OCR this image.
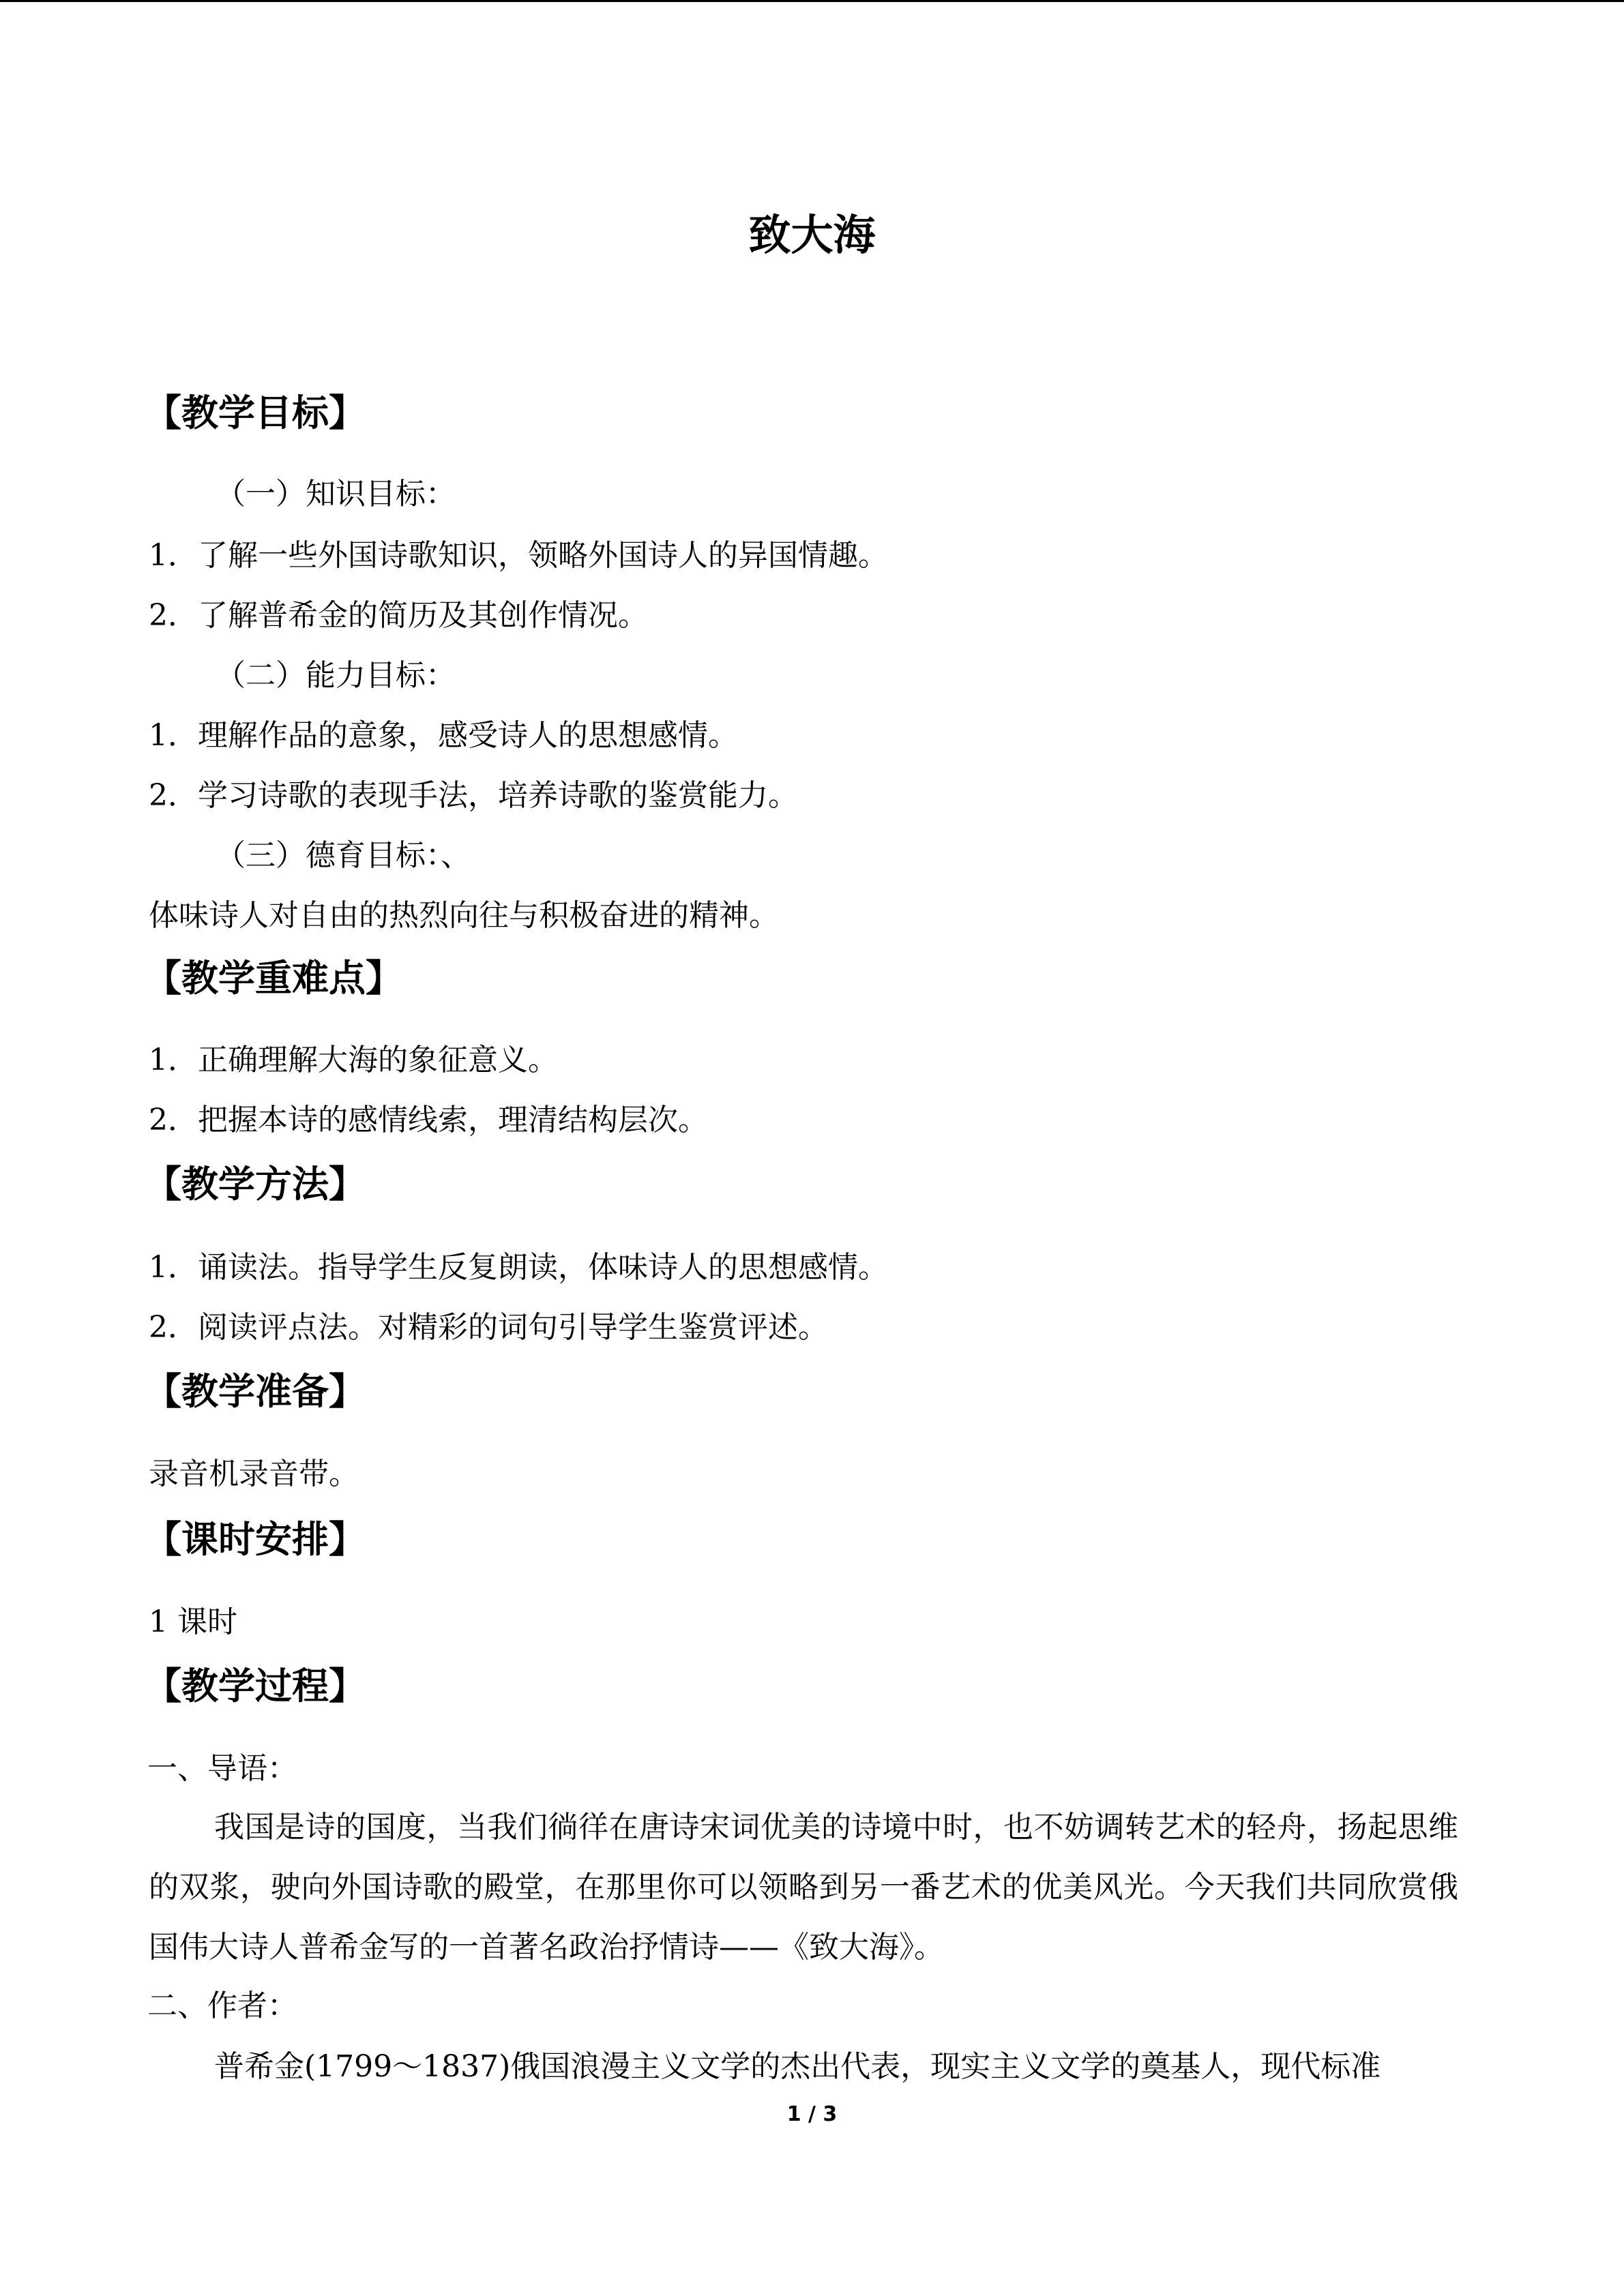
致大海
【教学目标】
（一）知识目标：
1．了解一些外国诗歌知识，领略外国诗人的异国情趣。
2．了解普希金的简历及其创作情况。
（二）能力目标：
1．理解作品的意象，感受诗人的思想感情。
2．学习诗歌的表现手法，培养诗歌的鉴赏能力。
（三）德育目标：、
体味诗人对自由的热烈向往与积极奋进的精神。
【教学重难点】
1．正确理解大海的象征意义。
2．把握本诗的感情线索，理清结构层次。
【教学方法】
1．诵读法。指导学生反复朗读，体味诗人的思想感情。
2．阅读评点法。对精彩的词句引导学生鉴赏评述。
【教学准备】
录音机录音带。
【课时安排】
1 课时
【教学过程】
一、导语：
我国是诗的国度，当我们徜徉在唐诗宋词优美的诗境中时，也不妨调转艺术的轻舟，扬起思维的双浆，驶向外国诗歌的殿堂，在那里你可以领略到另一番艺术的优美风光。今天我们共同欣赏俄国伟大诗人普希金写的一首著名政治抒情诗——《致大海》。
二、作者：
普希金(1799～1837)俄国浪漫主义文学的杰出代表，现实主义文学的奠基人，现代标准
1 / 3
